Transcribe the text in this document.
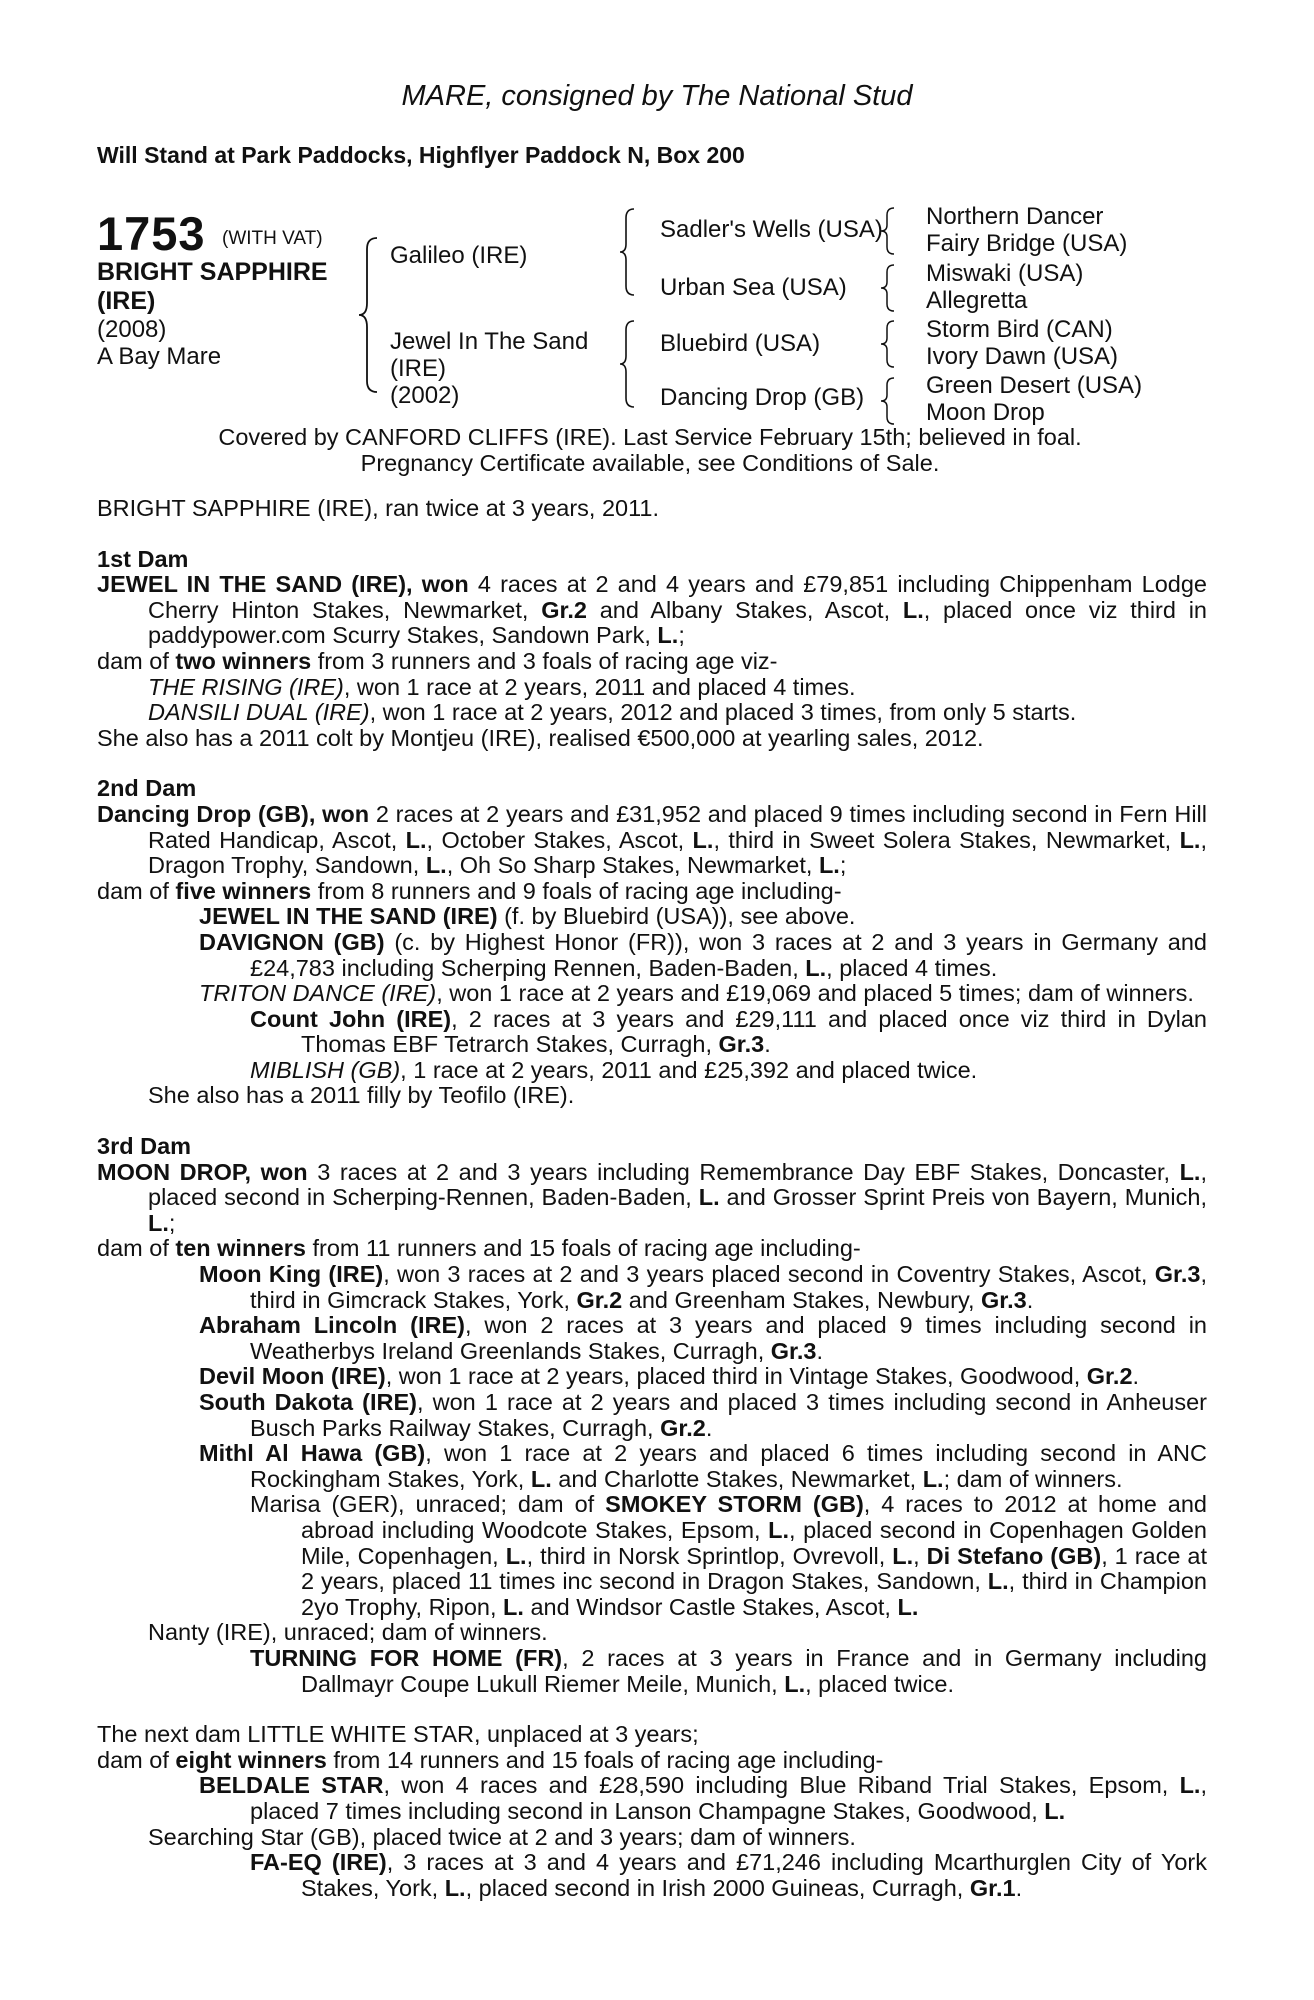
MARE, consigned by The National Stud
Will Stand at Park Paddocks, Highflyer Paddock N, Box 200
1753 (WITH VAT)
BRIGHT SAPPHIRE
(IRE)
(2008)
A Bay Mare
Galileo (IRE)
Jewel In The Sand
(IRE)
(2002)
Sadler's Wells (USA)
Urban Sea (USA)
Bluebird (USA)
Dancing Drop (GB)
Northern Dancer
Fairy Bridge (USA)
Miswaki (USA)
Allegretta
Storm Bird (CAN)
Ivory Dawn (USA)
Green Desert (USA)
Moon Drop
Covered by CANFORD CLIFFS (IRE). Last Service February 15th; believed in foal.
Pregnancy Certificate available, see Conditions of Sale.

BRIGHT SAPPHIRE (IRE), ran twice at 3 years, 2011.

1st Dam

JEWEL IN THE SAND (IRE), won 4 races at 2 and 4 years and £79,851 including Chippenham Lodge Cherry Hinton Stakes, Newmarket, Gr.2 and Albany Stakes, Ascot, L., placed once viz third in paddypower.com Scurry Stakes, Sandown Park, L.;

dam of two winners from 3 runners and 3 foals of racing age viz-

THE RISING (IRE), won 1 race at 2 years, 2011 and placed 4 times.

DANSILI DUAL (IRE), won 1 race at 2 years, 2012 and placed 3 times, from only 5 starts.

She also has a 2011 colt by Montjeu (IRE), realised €500,000 at yearling sales, 2012.

2nd Dam

Dancing Drop (GB), won 2 races at 2 years and £31,952 and placed 9 times including second in Fern Hill Rated Handicap, Ascot, L., October Stakes, Ascot, L., third in Sweet Solera Stakes, Newmarket, L., Dragon Trophy, Sandown, L., Oh So Sharp Stakes, Newmarket, L.;

dam of five winners from 8 runners and 9 foals of racing age including-

JEWEL IN THE SAND (IRE) (f. by Bluebird (USA)), see above.

DAVIGNON (GB) (c. by Highest Honor (FR)), won 3 races at 2 and 3 years in Germany and £24,783 including Scherping Rennen, Baden-Baden, L., placed 4 times.

TRITON DANCE (IRE), won 1 race at 2 years and £19,069 and placed 5 times; dam of winners.

Count John (IRE), 2 races at 3 years and £29,111 and placed once viz third in Dylan Thomas EBF Tetrarch Stakes, Curragh, Gr.3.

MIBLISH (GB), 1 race at 2 years, 2011 and £25,392 and placed twice.

She also has a 2011 filly by Teofilo (IRE).

3rd Dam

MOON DROP, won 3 races at 2 and 3 years including Remembrance Day EBF Stakes, Doncaster, L., placed second in Scherping-Rennen, Baden-Baden, L. and Grosser Sprint Preis von Bayern, Munich, L.;

dam of ten winners from 11 runners and 15 foals of racing age including-

Moon King (IRE), won 3 races at 2 and 3 years placed second in Coventry Stakes, Ascot, Gr.3, third in Gimcrack Stakes, York, Gr.2 and Greenham Stakes, Newbury, Gr.3.

Abraham Lincoln (IRE), won 2 races at 3 years and placed 9 times including second in Weatherbys Ireland Greenlands Stakes, Curragh, Gr.3.

Devil Moon (IRE), won 1 race at 2 years, placed third in Vintage Stakes, Goodwood, Gr.2.

South Dakota (IRE), won 1 race at 2 years and placed 3 times including second in Anheuser Busch Parks Railway Stakes, Curragh, Gr.2.

Mithl Al Hawa (GB), won 1 race at 2 years and placed 6 times including second in ANC Rockingham Stakes, York, L. and Charlotte Stakes, Newmarket, L.; dam of winners.

Marisa (GER), unraced; dam of SMOKEY STORM (GB), 4 races to 2012 at home and abroad including Woodcote Stakes, Epsom, L., placed second in Copenhagen Golden Mile, Copenhagen, L., third in Norsk Sprintlop, Ovrevoll, L., Di Stefano (GB), 1 race at 2 years, placed 11 times inc second in Dragon Stakes, Sandown, L., third in Champion 2yo Trophy, Ripon, L. and Windsor Castle Stakes, Ascot, L.

Nanty (IRE), unraced; dam of winners.

TURNING FOR HOME (FR), 2 races at 3 years in France and in Germany including Dallmayr Coupe Lukull Riemer Meile, Munich, L., placed twice.

The next dam LITTLE WHITE STAR, unplaced at 3 years;

dam of eight winners from 14 runners and 15 foals of racing age including-

BELDALE STAR, won 4 races and £28,590 including Blue Riband Trial Stakes, Epsom, L., placed 7 times including second in Lanson Champagne Stakes, Goodwood, L.

Searching Star (GB), placed twice at 2 and 3 years; dam of winners.

FA-EQ (IRE), 3 races at 3 and 4 years and £71,246 including Mcarthurglen City of York Stakes, York, L., placed second in Irish 2000 Guineas, Curragh, Gr.1.
